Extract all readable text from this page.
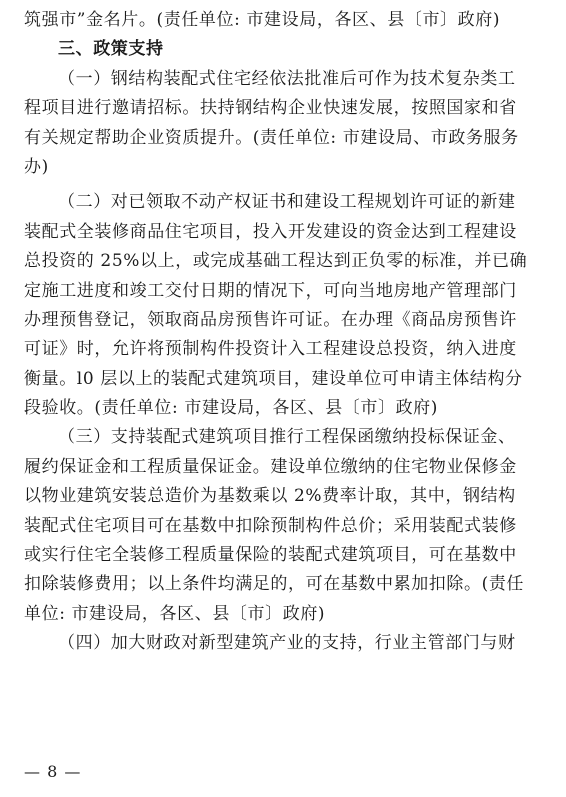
筑强市”金名片。(责任单位: 市建设局，各区、县〔市〕政府)
三、政策支持
（一）钢结构装配式住宅经依法批准后可作为技术复杂类工
程项目进行邀请招标。扶持钢结构企业快速发展，按照国家和省
有关规定帮助企业资质提升。(责任单位: 市建设局、市政务服务
办)
（二）对已领取不动产权证书和建设工程规划许可证的新建
装配式全装修商品住宅项目，投入开发建设的资金达到工程建设
总投资的 25%以上，或完成基础工程达到正负零的标准，并已确
定施工进度和竣工交付日期的情况下，可向当地房地产管理部门
办理预售登记，领取商品房预售许可证。在办理《商品房预售许
可证》时，允许将预制构件投资计入工程建设总投资，纳入进度
衡量。l0 层以上的装配式建筑项目，建设单位可申请主体结构分
段验收。(责任单位: 市建设局，各区、县〔市〕政府)
（三）支持装配式建筑项目推行工程保函缴纳投标保证金、
履约保证金和工程质量保证金。建设单位缴纳的住宅物业保修金
以物业建筑安装总造价为基数乘以 2%费率计取，其中，钢结构
装配式住宅项目可在基数中扣除预制构件总价；采用装配式装修
或实行住宅全装修工程质量保险的装配式建筑项目，可在基数中
扣除装修费用；以上条件均满足的，可在基数中累加扣除。(责任
单位: 市建设局，各区、县〔市〕政府)
（四）加大财政对新型建筑产业的支持，行业主管部门与财
— 8 —
